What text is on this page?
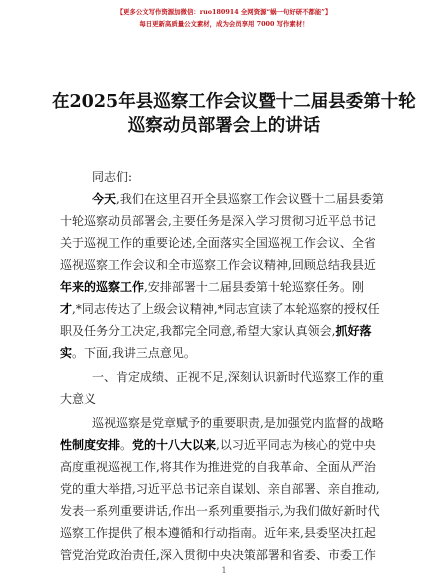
【更多公文写作资源加微信：ruo180914 全网资源“蜗一句好研不都能”】
每日更新高质量公文素材，成为会员享用 7000 写作素材！
在2025年县巡察工作会议暨十二届县委第十轮
巡察动员部署会上的讲话
同志们:
今天,我们在这里召开全县巡察工作会议暨十二届县委第
十轮巡察动员部署会,主要任务是深入学习贯彻习近平总书记
关于巡视工作的重要论述,全面落实全国巡视工作会议、全省
巡视巡察工作会议和全市巡察工作会议精神,回顾总结我县近
年来的巡察工作,安排部署十二届县委第十轮巡察任务。刚
才,*同志传达了上级会议精神,*同志宣读了本轮巡察的授权任
职及任务分工决定,我都完全同意,希望大家认真领会,抓好落
实。下面,我讲三点意见。
一、肯定成绩、正视不足,深刻认识新时代巡察工作的重
大意义
巡视巡察是党章赋予的重要职责,是加强党内监督的战略
性制度安排。党的十八大以来,以习近平同志为核心的党中央
高度重视巡视工作,将其作为推进党的自我革命、全面从严治
党的重大举措,习近平总书记亲自谋划、亲自部署、亲自推动,
发表一系列重要讲话,作出一系列重要指示,为我们做好新时代
巡察工作提供了根本遵循和行动指南。近年来,县委坚决扛起
管党治党政治责任,深入贯彻中央决策部署和省委、市委工作
1
